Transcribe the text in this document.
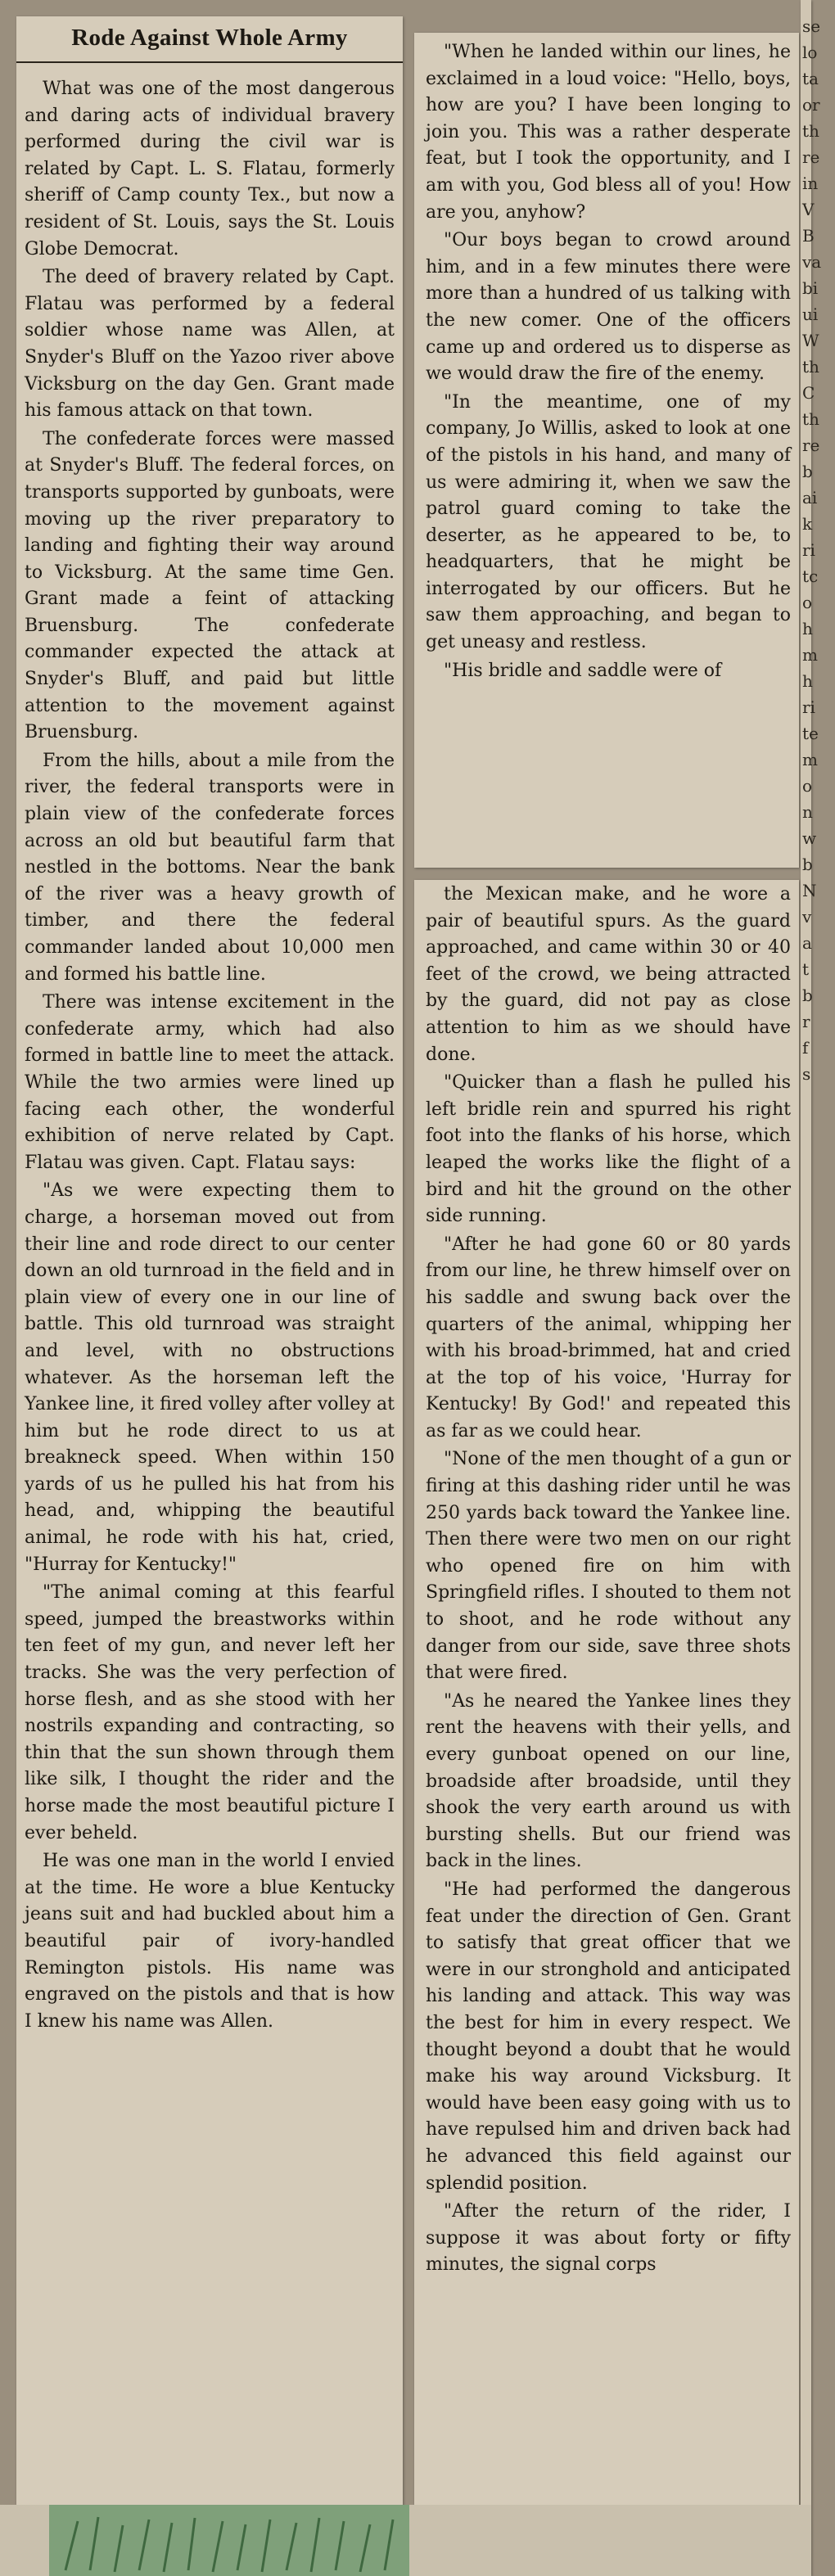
Rode Against Whole Army

What was one of the most dangerous and daring acts of individual bravery performed during the civil war is related by Capt. L. S. Flatau, formerly sheriff of Camp county Tex., but now a resident of St. Louis, says the St. Louis Globe Democrat.

The deed of bravery related by Capt. Flatau was performed by a federal soldier whose name was Allen, at Snyder's Bluff on the Yazoo river above Vicksburg on the day Gen. Grant made his famous attack on that town.

The confederate forces were massed at Snyder's Bluff. The federal forces, on transports supported by gunboats, were moving up the river preparatory to landing and fighting their way around to Vicksburg. At the same time Gen. Grant made a feint of attacking Bruensburg. The confederate commander expected the attack at Snyder's Bluff, and paid but little attention to the movement against Bruensburg.

From the hills, about a mile from the river, the federal transports were in plain view of the confederate forces across an old but beautiful farm that nestled in the bottoms. Near the bank of the river was a heavy growth of timber, and there the federal commander landed about 10,000 men and formed his battle line.

There was intense excitement in the confederate army, which had also formed in battle line to meet the attack. While the two armies were lined up facing each other, the wonderful exhibition of nerve related by Capt. Flatau was given. Capt. Flatau says:

"As we were expecting them to charge, a horseman moved out from their line and rode direct to our center down an old turnroad in the field and in plain view of every one in our line of battle. This old turnroad was straight and level, with no obstructions whatever. As the horseman left the Yankee line, it fired volley after volley at him but he rode direct to us at breakneck speed. When within 150 yards of us he pulled his hat from his head, and, whipping the beautiful animal, he rode with his hat, cried, "Hurray for Kentucky!"

"The animal coming at this fearful speed, jumped the breastworks within ten feet of my gun, and never left her tracks. She was the very perfection of horse flesh, and as she stood with her nostrils expanding and contracting, so thin that the sun shown through them like silk, I thought the rider and the horse made the most beautiful picture I ever beheld.

He was one man in the world I envied at the time. He wore a blue Kentucky jeans suit and had buckled about him a beautiful pair of ivory-handled Remington pistols. His name was engraved on the pistols and that is how I knew his name was Allen.

"When he landed within our lines, he exclaimed in a loud voice: "Hello, boys, how are you? I have been longing to join you. This was a rather desperate feat, but I took the opportunity, and I am with you, God bless all of you! How are you, anyhow?

"Our boys began to crowd around him, and in a few minutes there were more than a hundred of us talking with the new comer. One of the officers came up and ordered us to disperse as we would draw the fire of the enemy.

"In the meantime, one of my company, Jo Willis, asked to look at one of the pistols in his hand, and many of us were admiring it, when we saw the patrol guard coming to take the deserter, as he appeared to be, to headquarters, that he might be interrogated by our officers. But he saw them approaching, and began to get uneasy and restless.

"His bridle and saddle were of

the Mexican make, and he wore a pair of beautiful spurs. As the guard approached, and came within 30 or 40 feet of the crowd, we being attracted by the guard, did not pay as close attention to him as we should have done.

"Quicker than a flash he pulled his left bridle rein and spurred his right foot into the flanks of his horse, which leaped the works like the flight of a bird and hit the ground on the other side running.

"After he had gone 60 or 80 yards from our line, he threw himself over on his saddle and swung back over the quarters of the animal, whipping her with his broad-brimmed, hat and cried at the top of his voice, 'Hurray for Kentucky! By God!' and repeated this as far as we could hear.

"None of the men thought of a gun or firing at this dashing rider until he was 250 yards back toward the Yankee line. Then there were two men on our right who opened fire on him with Springfield rifles. I shouted to them not to shoot, and he rode without any danger from our side, save three shots that were fired.

"As he neared the Yankee lines they rent the heavens with their yells, and every gunboat opened on our line, broadside after broadside, until they shook the very earth around us with bursting shells. But our friend was back in the lines.

"He had performed the dangerous feat under the direction of Gen. Grant to satisfy that great officer that we were in our stronghold and anticipated his landing and attack. This way was the best for him in every respect. We thought beyond a doubt that he would make his way around Vicksburg. It would have been easy going with us to have repulsed him and driven back had he advanced this field against our splendid position.

"After the return of the rider, I suppose it was about forty or fifty minutes, the signal corps

se
lo
ta
or
th
re
in
V
B
va
bi
ui
W
th
C
th
re
b
ai
k
ri
tc
o
h
m
h
ri
te
m
o
n
w
b
N
v
a
t
b
r
f
s
